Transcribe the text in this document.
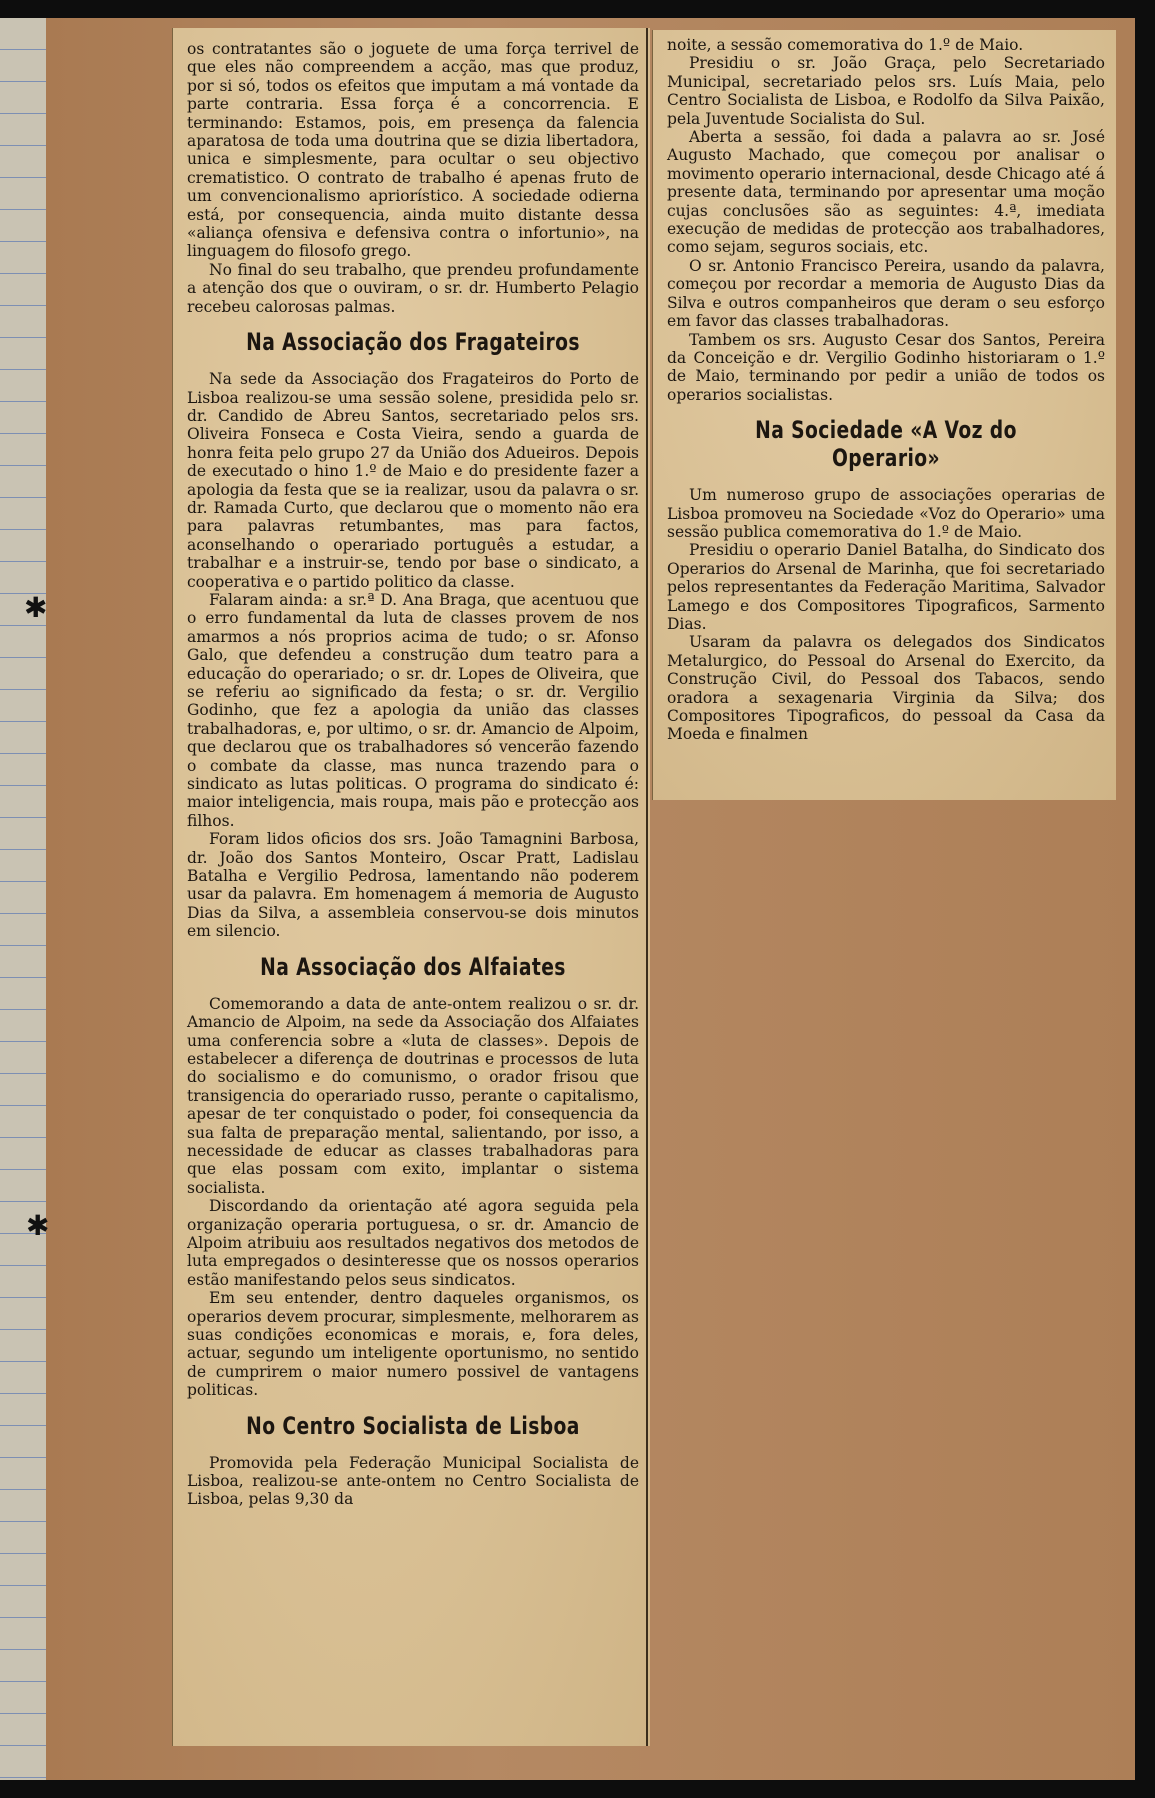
✱
✱

os contratantes são o joguete de uma força terrivel de que eles não compreendem a acção, mas que produz, por si só, todos os efeitos que imputam a má vontade da parte contraria. Essa força é a concorrencia. E terminando: Estamos, pois, em presença da falencia aparatosa de toda uma doutrina que se dizia libertadora, unica e simplesmente, para ocultar o seu objectivo crematistico. O contrato de trabalho é apenas fruto de um convencionalismo apriorístico. A sociedade odierna está, por consequencia, ainda muito distante dessa «aliança ofensiva e defensiva contra o infortunio», na linguagem do filosofo grego.

No final do seu trabalho, que prendeu profundamente a atenção dos que o ouviram, o sr. dr. Humberto Pelagio recebeu calorosas palmas.

Na Associação dos Fragateiros

Na sede da Associação dos Fragateiros do Porto de Lisboa realizou-se uma sessão solene, presidida pelo sr. dr. Candido de Abreu Santos, secretariado pelos srs. Oliveira Fonseca e Costa Vieira, sendo a guarda de honra feita pelo grupo 27 da União dos Adueiros. Depois de executado o hino 1.º de Maio e do presidente fazer a apologia da festa que se ia realizar, usou da palavra o sr. dr. Ramada Curto, que declarou que o momento não era para palavras retumbantes, mas para factos, aconselhando o operariado português a estudar, a trabalhar e a instruir-se, tendo por base o sindicato, a cooperativa e o partido politico da classe.

Falaram ainda: a sr.ª D. Ana Braga, que acentuou que o erro fundamental da luta de classes provem de nos amarmos a nós proprios acima de tudo; o sr. Afonso Galo, que defendeu a construção dum teatro para a educação do operariado; o sr. dr. Lopes de Oliveira, que se referiu ao significado da festa; o sr. dr. Vergilio Godinho, que fez a apologia da união das classes trabalhadoras, e, por ultimo, o sr. dr. Amancio de Alpoim, que declarou que os trabalhadores só vencerão fazendo o combate da classe, mas nunca trazendo para o sindicato as lutas politicas. O programa do sindicato é: maior inteligencia, mais roupa, mais pão e protecção aos filhos.

Foram lidos oficios dos srs. João Tamagnini Barbosa, dr. João dos Santos Monteiro, Oscar Pratt, Ladislau Batalha e Vergilio Pedrosa, lamentando não poderem usar da palavra. Em homenagem á memoria de Augusto Dias da Silva, a assembleia conservou-se dois minutos em silencio.

Na Associação dos Alfaiates

Comemorando a data de ante-ontem realizou o sr. dr. Amancio de Alpoim, na sede da Associação dos Alfaiates uma conferencia sobre a «luta de classes». Depois de estabelecer a diferença de doutrinas e processos de luta do socialismo e do comunismo, o orador frisou que transigencia do operariado russo, perante o capitalismo, apesar de ter conquistado o poder, foi consequencia da sua falta de preparação mental, salientando, por isso, a necessidade de educar as classes trabalhadoras para que elas possam com exito, implantar o sistema socialista.

Discordando da orientação até agora seguida pela organização operaria portuguesa, o sr. dr. Amancio de Alpoim atribuiu aos resultados negativos dos metodos de luta empregados o desinteresse que os nossos operarios estão manifestando pelos seus sindicatos.

Em seu entender, dentro daqueles organismos, os operarios devem procurar, simplesmente, melhorarem as suas condições economicas e morais, e, fora deles, actuar, segundo um inteligente oportunismo, no sentido de cumprirem o maior numero possivel de vantagens politicas.

No Centro Socialista de Lisboa

Promovida pela Federação Municipal Socialista de Lisboa, realizou-se ante-ontem no Centro Socialista de Lisboa, pelas 9,30 da

noite, a sessão comemorativa do 1.º de Maio.

Presidiu o sr. João Graça, pelo Secretariado Municipal, secretariado pelos srs. Luís Maia, pelo Centro Socialista de Lisboa, e Rodolfo da Silva Paixão, pela Juventude Socialista do Sul.

Aberta a sessão, foi dada a palavra ao sr. José Augusto Machado, que começou por analisar o movimento operario internacional, desde Chicago até á presente data, terminando por apresentar uma moção cujas conclusões são as seguintes: 4.ª, imediata execução de medidas de protecção aos trabalhadores, como sejam, seguros sociais, etc.

O sr. Antonio Francisco Pereira, usando da palavra, começou por recordar a memoria de Augusto Dias da Silva e outros companheiros que deram o seu esforço em favor das classes trabalhadoras.

Tambem os srs. Augusto Cesar dos Santos, Pereira da Conceição e dr. Vergilio Godinho historiaram o 1.º de Maio, terminando por pedir a união de todos os operarios socialistas.

Na Sociedade «A Voz do Operario»

Um numeroso grupo de associações operarias de Lisboa promoveu na Sociedade «Voz do Operario» uma sessão publica comemorativa do 1.º de Maio.

Presidiu o operario Daniel Batalha, do Sindicato dos Operarios do Arsenal de Marinha, que foi secretariado pelos representantes da Federação Maritima, Salvador Lamego e dos Compositores Tipograficos, Sarmento Dias.

Usaram da palavra os delegados dos Sindicatos Metalurgico, do Pessoal do Arsenal do Exercito, da Construção Civil, do Pessoal dos Tabacos, sendo oradora a sexagenaria Virginia da Silva; dos Compositores Tipograficos, do pessoal da Casa da Moeda e finalmen
